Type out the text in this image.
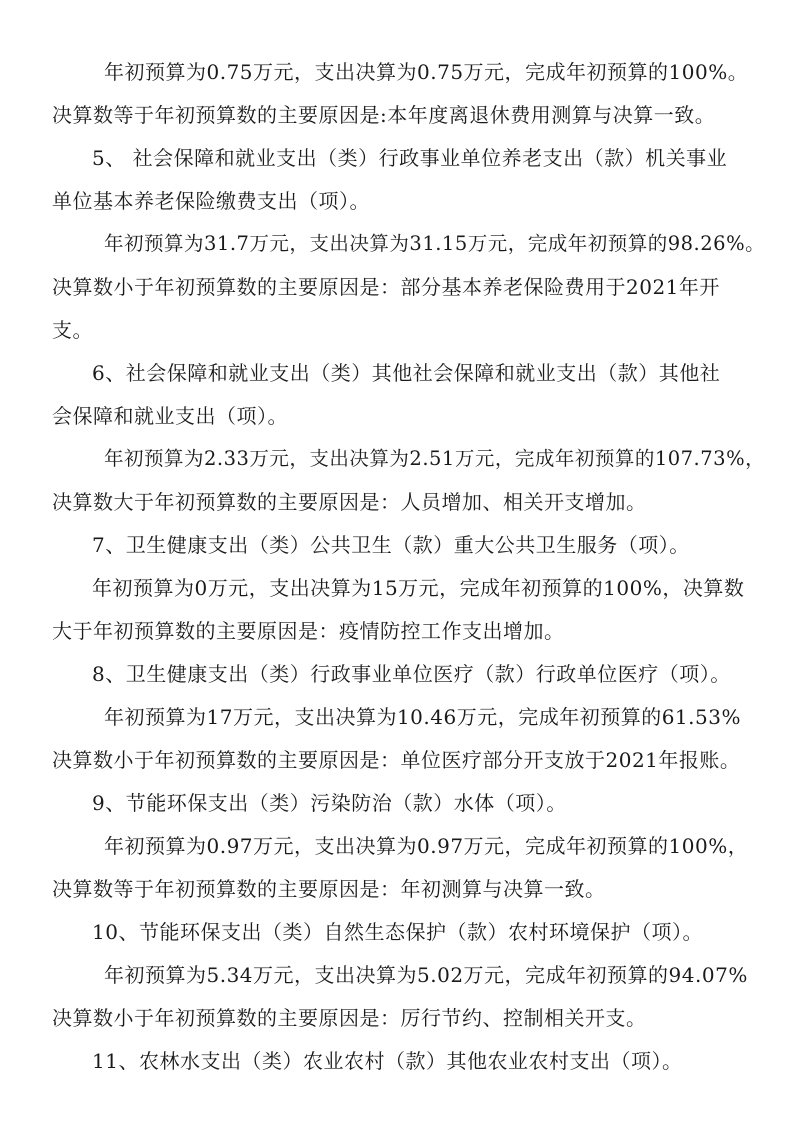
年初预算为0.75万元，支出决算为0.75万元，完成年初预算的100%。
决算数等于年初预算数的主要原因是:本年度离退休费用测算与决算一致。
5、 社会保障和就业支出（类）行政事业单位养老支出（款）机关事业
单位基本养老保险缴费支出（项）。
年初预算为31.7万元，支出决算为31.15万元，完成年初预算的98.26%。
决算数小于年初预算数的主要原因是：部分基本养老保险费用于2021年开
支。
6、社会保障和就业支出（类）其他社会保障和就业支出（款）其他社
会保障和就业支出（项）。
年初预算为2.33万元，支出决算为2.51万元，完成年初预算的107.73%，
决算数大于年初预算数的主要原因是：人员增加、相关开支增加。
7、卫生健康支出（类）公共卫生（款）重大公共卫生服务（项）。
年初预算为0万元，支出决算为15万元，完成年初预算的100%，决算数
大于年初预算数的主要原因是：疫情防控工作支出增加。
8、卫生健康支出（类）行政事业单位医疗（款）行政单位医疗（项）。
年初预算为17万元，支出决算为10.46万元，完成年初预算的61.53%
决算数小于年初预算数的主要原因是：单位医疗部分开支放于2021年报账。
9、节能环保支出（类）污染防治（款）水体（项）。
年初预算为0.97万元，支出决算为0.97万元，完成年初预算的100%，
决算数等于年初预算数的主要原因是：年初测算与决算一致。
10、节能环保支出（类）自然生态保护（款）农村环境保护（项）。
年初预算为5.34万元，支出决算为5.02万元，完成年初预算的94.07%
决算数小于年初预算数的主要原因是：厉行节约、控制相关开支。
11、农林水支出（类）农业农村（款）其他农业农村支出（项）。
